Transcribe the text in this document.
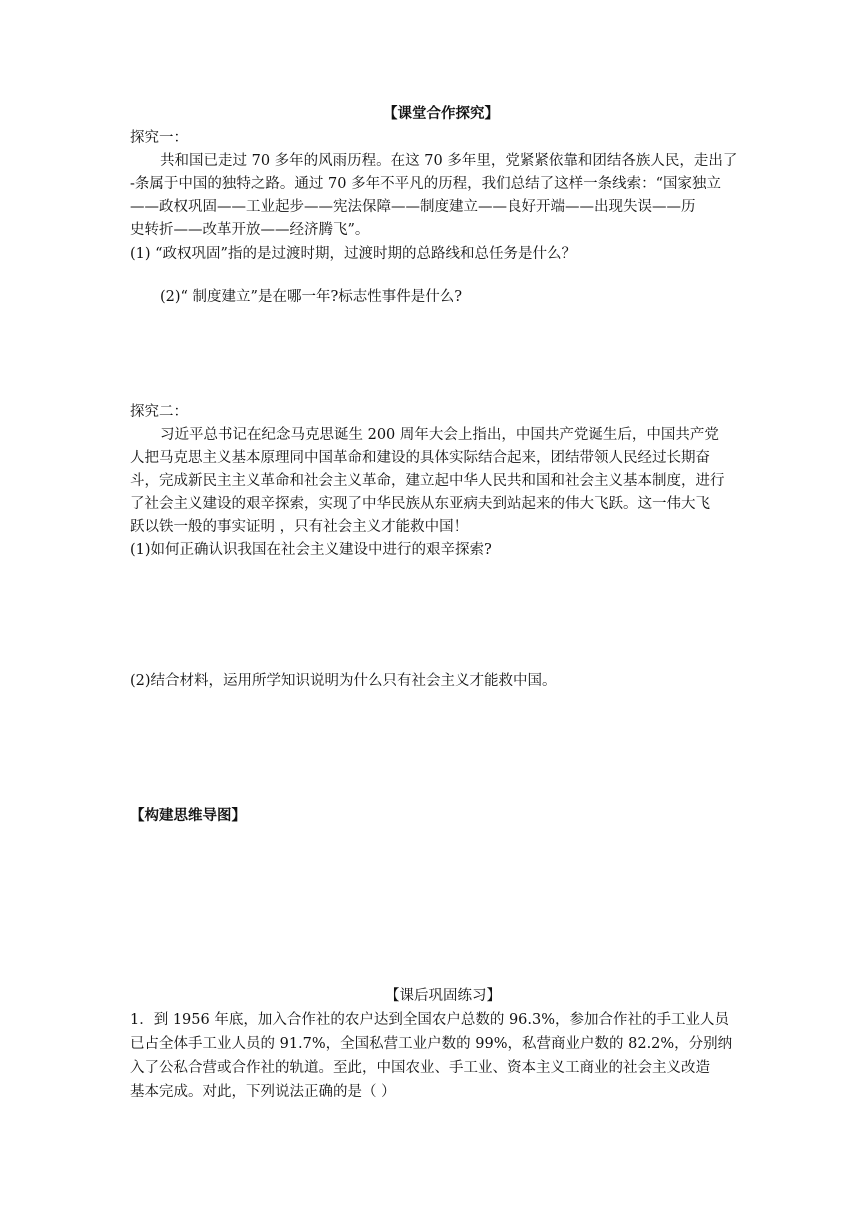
【课堂合作探究】
探究一：
共和国已走过 70 多年的风雨历程。在这 70 多年里，党紧紧依靠和团结各族人民，走出了
-条属于中国的独特之路。通过 70 多年不平凡的历程，我们总结了这样一条线索：“国家独立
——政权巩固——工业起步——宪法保障——制度建立——良好开端——出现失误——历
史转折——改革开放——经济腾飞”。
(1) “政权巩固”指的是过渡时期，过渡时期的总路线和总任务是什么？
(2)“ 制度建立”是在哪一年?标志性事件是什么?
探究二：
习近平总书记在纪念马克思诞生 200 周年大会上指出，中国共产党诞生后，中国共产党
人把马克思主义基本原理同中国革命和建设的具体实际结合起来，团结带领人民经过长期奋
斗，完成新民主主义革命和社会主义革命，建立起中华人民共和国和社会主义基本制度，进行
了社会主义建设的艰辛探索，实现了中华民族从东亚病夫到站起来的伟大飞跃。这一伟大飞
跃以铁一般的事实证明 ，只有社会主义才能救中国！
(1)如何正确认识我国在社会主义建设中进行的艰辛探索?
(2)结合材料，运用所学知识说明为什么只有社会主义才能救中国。
【构建思维导图】
【课后巩固练习】
1．到 1956 年底，加入合作社的农户达到全国农户总数的 96.3%，参加合作社的手工业人员
已占全体手工业人员的 91.7%，全国私营工业户数的 99%，私营商业户数的 82.2%，分别纳
入了公私合营或合作社的轨道。至此，中国农业、手工业、资本主义工商业的社会主义改造
基本完成。对此，下列说法正确的是（ ）
